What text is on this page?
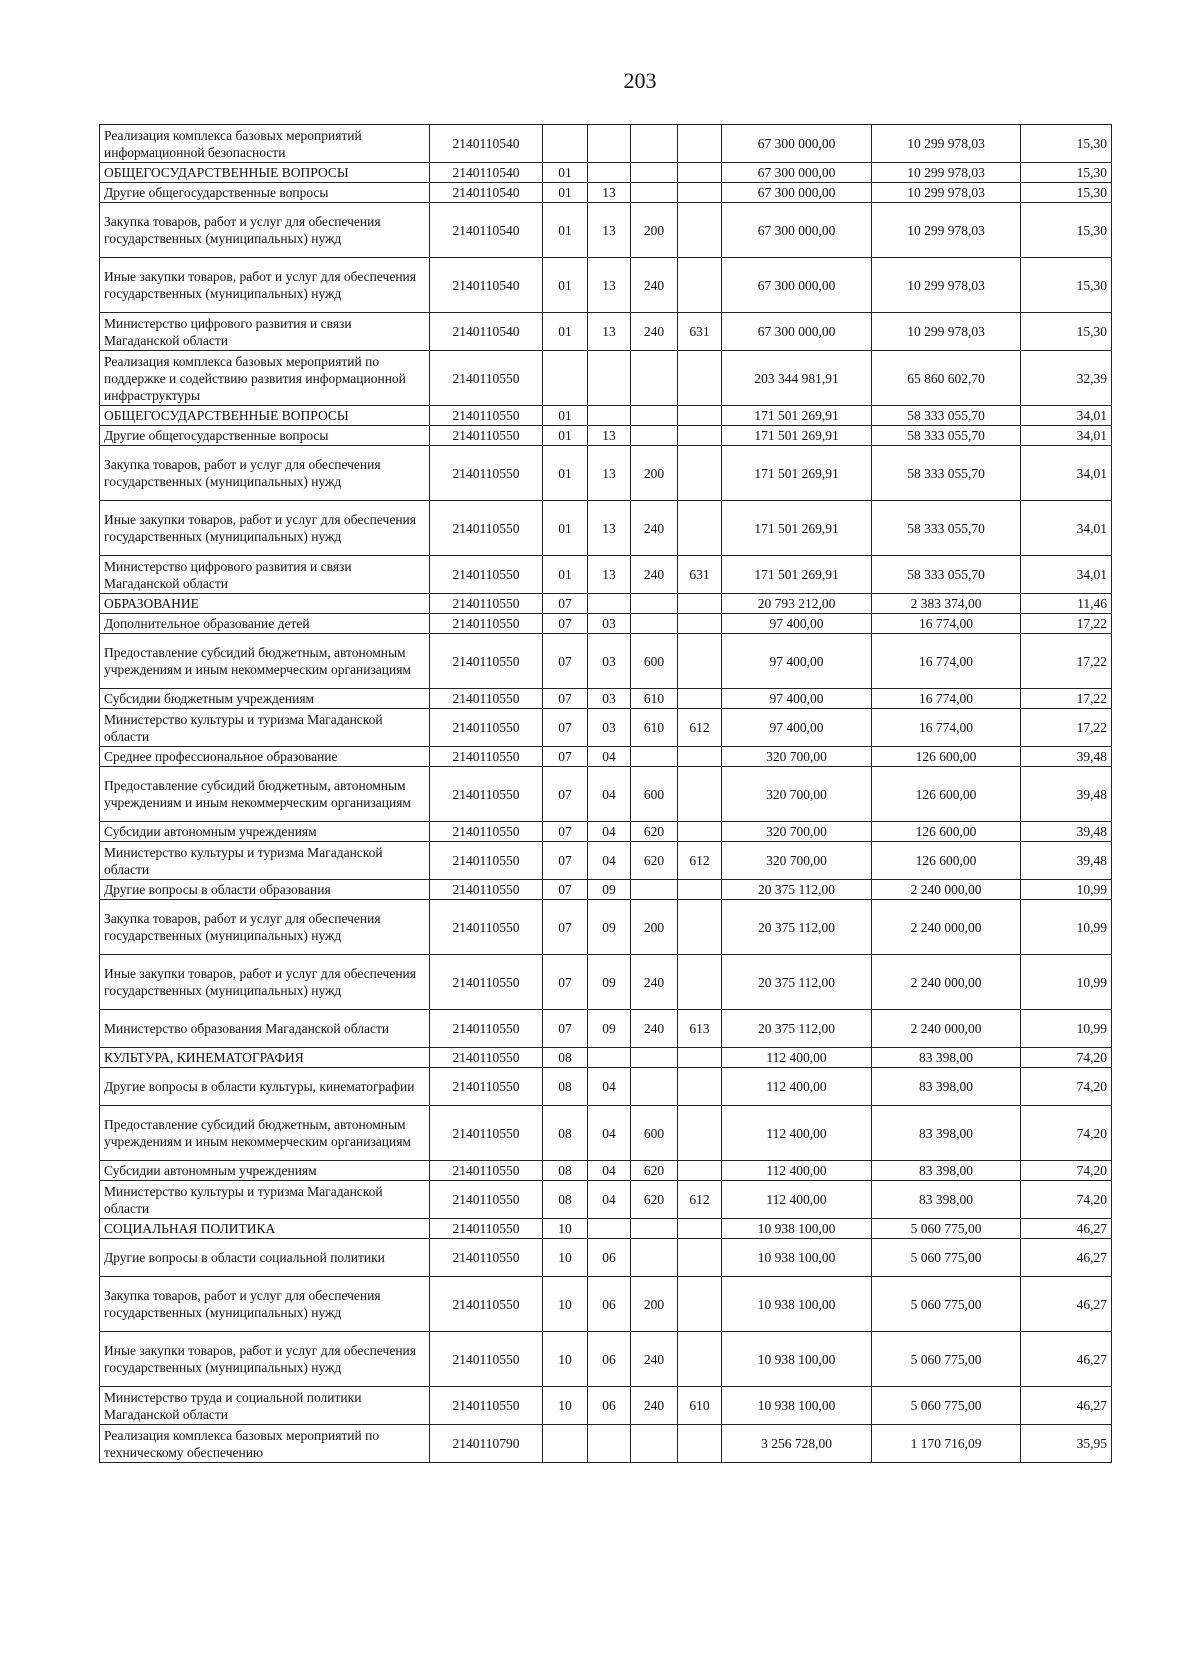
203
Реализация комплекса базовых мероприятий информационной безопасности	2140110540					67 300 000,00	10 299 978,03	15,30
ОБЩЕГОСУДАРСТВЕННЫЕ ВОПРОСЫ	2140110540	01				67 300 000,00	10 299 978,03	15,30
Другие общегосударственные вопросы	2140110540	01	13			67 300 000,00	10 299 978,03	15,30
Закупка товаров, работ и услуг для обеспечения государственных (муниципальных) нужд	2140110540	01	13	200		67 300 000,00	10 299 978,03	15,30
Иные закупки товаров, работ и услуг для обеспечения государственных (муниципальных) нужд	2140110540	01	13	240		67 300 000,00	10 299 978,03	15,30
Министерство цифрового развития и связи Магаданской области	2140110540	01	13	240	631	67 300 000,00	10 299 978,03	15,30
Реализация комплекса базовых мероприятий по поддержке и содействию развития информационной инфраструктуры	2140110550					203 344 981,91	65 860 602,70	32,39
ОБЩЕГОСУДАРСТВЕННЫЕ ВОПРОСЫ	2140110550	01				171 501 269,91	58 333 055,70	34,01
Другие общегосударственные вопросы	2140110550	01	13			171 501 269,91	58 333 055,70	34,01
Закупка товаров, работ и услуг для обеспечения государственных (муниципальных) нужд	2140110550	01	13	200		171 501 269,91	58 333 055,70	34,01
Иные закупки товаров, работ и услуг для обеспечения государственных (муниципальных) нужд	2140110550	01	13	240		171 501 269,91	58 333 055,70	34,01
Министерство цифрового развития и связи Магаданской области	2140110550	01	13	240	631	171 501 269,91	58 333 055,70	34,01
ОБРАЗОВАНИЕ	2140110550	07				20 793 212,00	2 383 374,00	11,46
Дополнительное образование детей	2140110550	07	03			97 400,00	16 774,00	17,22
Предоставление субсидий бюджетным, автономным учреждениям и иным некоммерческим организациям	2140110550	07	03	600		97 400,00	16 774,00	17,22
Субсидии бюджетным учреждениям	2140110550	07	03	610		97 400,00	16 774,00	17,22
Министерство культуры и туризма Магаданской области	2140110550	07	03	610	612	97 400,00	16 774,00	17,22
Среднее профессиональное образование	2140110550	07	04			320 700,00	126 600,00	39,48
Предоставление субсидий бюджетным, автономным учреждениям и иным некоммерческим организациям	2140110550	07	04	600		320 700,00	126 600,00	39,48
Субсидии автономным учреждениям	2140110550	07	04	620		320 700,00	126 600,00	39,48
Министерство культуры и туризма Магаданской области	2140110550	07	04	620	612	320 700,00	126 600,00	39,48
Другие вопросы в области образования	2140110550	07	09			20 375 112,00	2 240 000,00	10,99
Закупка товаров, работ и услуг для обеспечения государственных (муниципальных) нужд	2140110550	07	09	200		20 375 112,00	2 240 000,00	10,99
Иные закупки товаров, работ и услуг для обеспечения государственных (муниципальных) нужд	2140110550	07	09	240		20 375 112,00	2 240 000,00	10,99
Министерство образования Магаданской области	2140110550	07	09	240	613	20 375 112,00	2 240 000,00	10,99
КУЛЬТУРА, КИНЕМАТОГРАФИЯ	2140110550	08				112 400,00	83 398,00	74,20
Другие вопросы в области культуры, кинематографии	2140110550	08	04			112 400,00	83 398,00	74,20
Предоставление субсидий бюджетным, автономным учреждениям и иным некоммерческим организациям	2140110550	08	04	600		112 400,00	83 398,00	74,20
Субсидии автономным учреждениям	2140110550	08	04	620		112 400,00	83 398,00	74,20
Министерство культуры и туризма Магаданской области	2140110550	08	04	620	612	112 400,00	83 398,00	74,20
СОЦИАЛЬНАЯ ПОЛИТИКА	2140110550	10				10 938 100,00	5 060 775,00	46,27
Другие вопросы в области социальной политики	2140110550	10	06			10 938 100,00	5 060 775,00	46,27
Закупка товаров, работ и услуг для обеспечения государственных (муниципальных) нужд	2140110550	10	06	200		10 938 100,00	5 060 775,00	46,27
Иные закупки товаров, работ и услуг для обеспечения государственных (муниципальных) нужд	2140110550	10	06	240		10 938 100,00	5 060 775,00	46,27
Министерство труда и социальной политики Магаданской области	2140110550	10	06	240	610	10 938 100,00	5 060 775,00	46,27
Реализация комплекса базовых мероприятий по техническому обеспечению	2140110790					3 256 728,00	1 170 716,09	35,95
